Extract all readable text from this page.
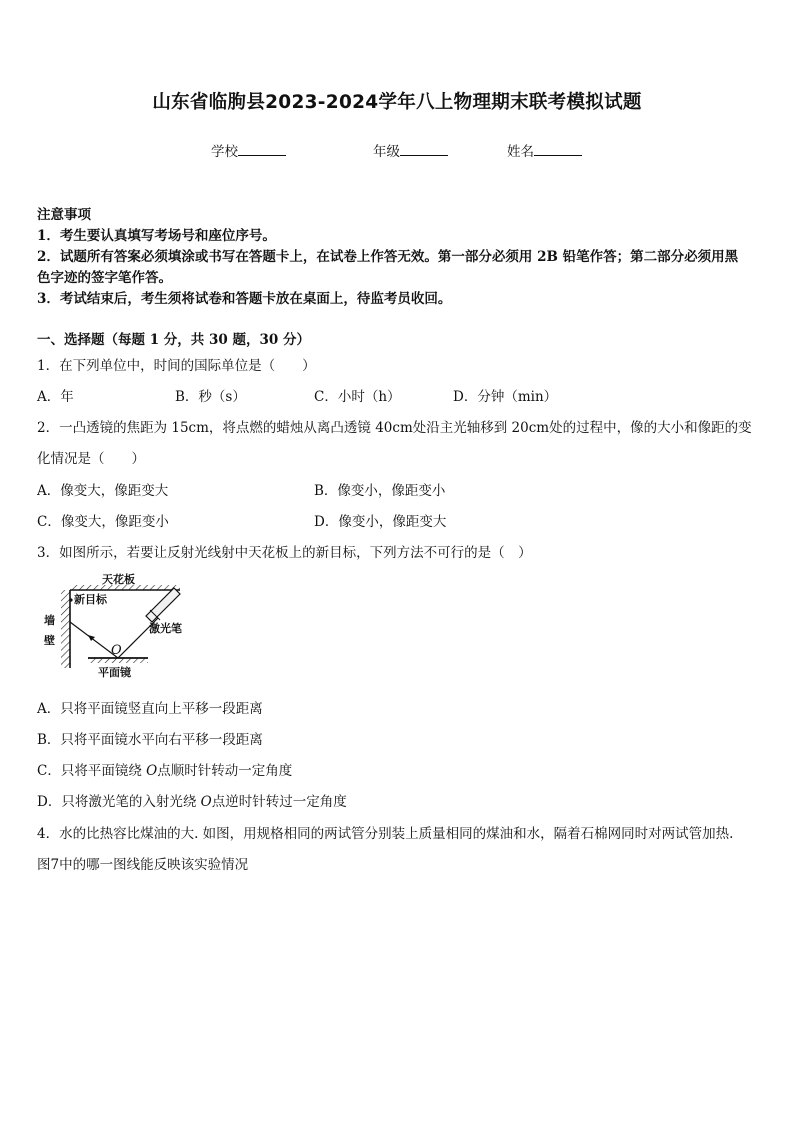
山东省临朐县2023-2024学年八上物理期末联考模拟试题
学校	年级	姓名
注意事项
1．考生要认真填写考场号和座位序号。
2．试题所有答案必须填涂或书写在答题卡上，在试卷上作答无效。第一部分必须用 2B 铅笔作答；第二部分必须用黑
色字迹的签字笔作答。
3．考试结束后，考生须将试卷和答题卡放在桌面上，待监考员收回。
一、选择题（每题 1 分，共 30 题，30 分）
1．在下列单位中，时间的国际单位是（　　）
A．年	B．秒（s）	C．小时（h）	D．分钟（min）
2．一凸透镜的焦距为 15cm，将点燃的蜡烛从离凸透镜 40cm处沿主光轴移到 20cm处的过程中，像的大小和像距的变
化情况是（　　）
A．像变大，像距变大	B．像变小，像距变小
C．像变大，像距变小	D．像变小，像距变大
3．如图所示，若要让反射光线射中天花板上的新目标，下列方法不可行的是（　）
天花板
新目标
墙
壁
激光笔
O
平面镜
A．只将平面镜竖直向上平移一段距离
B．只将平面镜水平向右平移一段距离
C．只将平面镜绕 O点顺时针转动一定角度
D．只将激光笔的入射光绕 O点逆时针转过一定角度
4．水的比热容比煤油的大. 如图，用规格相同的两试管分别装上质量相同的煤油和水，隔着石棉网同时对两试管加热.
图7中的哪一图线能反映该实验情况
